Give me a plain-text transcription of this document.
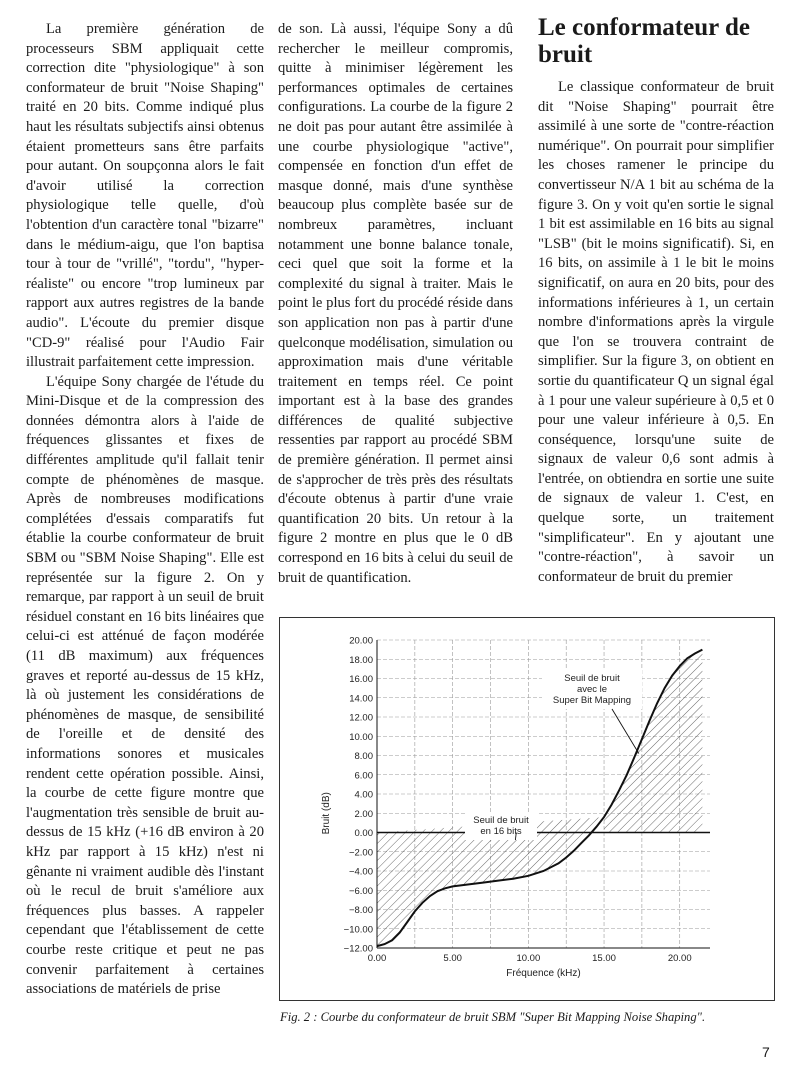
La première génération de processeurs SBM appliquait cette correction dite "physiologique" à son conformateur de bruit "Noise Shaping" traité en 20 bits. Comme indiqué plus haut les résultats subjectifs ainsi obtenus étaient prometteurs sans être parfaits pour autant. On soupçonna alors le fait d'avoir utilisé la correction physiologique telle quelle, d'où l'obtention d'un caractère tonal "bizarre" dans le médium-aigu, que l'on baptisa tour à tour de "vrillé", "tordu", "hyper-réaliste" ou encore "trop lumineux par rapport aux autres registres de la bande audio". L'écoute du premier disque "CD-9" réalisé pour l'Audio Fair illustrait parfaitement cette impression.

L'équipe Sony chargée de l'étude du Mini-Disque et de la compression des données démontra alors à l'aide de fréquences glissantes et fixes de différentes amplitude qu'il fallait tenir compte de phénomènes de masque. Après de nombreuses modifications complétées d'essais comparatifs fut établie la courbe conformateur de bruit SBM ou "SBM Noise Shaping". Elle est représentée sur la figure 2. On y remarque, par rapport à un seuil de bruit résiduel constant en 16 bits linéaires que celui-ci est atténué de façon modérée (11 dB maximum) aux fréquences graves et reporté au-dessus de 15 kHz, là où justement les considérations de phénomènes de masque, de sensibilité de l'oreille et de densité des informations sonores et musicales rendent cette opération possible. Ainsi, la courbe de cette figure montre que l'augmentation très sensible de bruit au-dessus de 15 kHz (+16 dB environ à 20 kHz par rapport à 15 kHz) n'est ni gênante ni vraiment audible dès l'instant où le recul de bruit s'améliore aux fréquences plus basses. A rappeler cependant que l'établissement de cette courbe reste critique et peut ne pas convenir parfaitement à certaines associations de matériels de prise

de son. Là aussi, l'équipe Sony a dû rechercher le meilleur compromis, quitte à minimiser légèrement les performances optimales de certaines configurations. La courbe de la figure 2 ne doit pas pour autant être assimilée à une courbe physiologique "active", compensée en fonction d'un effet de masque donné, mais d'une synthèse beaucoup plus complète basée sur de nombreux paramètres, incluant notamment une bonne balance tonale, ceci quel que soit la forme et la complexité du signal à traiter. Mais le point le plus fort du procédé réside dans son application non pas à partir d'une quelconque modélisation, simulation ou approximation mais d'une véritable traitement en temps réel. Ce point important est à la base des grandes différences de qualité subjective ressenties par rapport au procédé SBM de première génération. Il permet ainsi de s'approcher de très près des résultats d'écoute obtenus à partir d'une vraie quantification 20 bits. Un retour à la figure 2 montre en plus que le 0 dB correspond en 16 bits à celui du seuil de bruit de quantification.

Le conformateur de bruit

Le classique conformateur de bruit dit "Noise Shaping" pourrait être assimilé à une sorte de "contre-réaction numérique". On pourrait pour simplifier les choses ramener le principe du convertisseur N/A 1 bit au schéma de la figure 3. On y voit qu'en sortie le signal 1 bit est assimilable en 16 bits au signal "LSB" (bit le moins significatif). Si, en 16 bits, on assimile à 1 le bit le moins significatif, on aura en 20 bits, pour des informations inférieures à 1, un certain nombre d'informations après la virgule que l'on se trouvera contraint de simplifier. Sur la figure 3, on obtient en sortie du quantificateur Q un signal égal à 1 pour une valeur supérieure à 0,5 et 0 pour une valeur inférieure à 0,5. En conséquence, lorsqu'une suite de signaux de valeur 0,6 sont admis à l'entrée, on obtiendra en sortie une suite de signaux de valeur 1. C'est, en quelque sorte, un traitement "simplificateur". En y ajoutant une "contre-réaction", à savoir un conformateur de bruit du premier

20.00
18.00
16.00
14.00
12.00
10.00
8.00
6.00
4.00
2.00
0.00
−2.00
−4.00
−6.00
−8.00
−10.00
−12.00
0.00	5.00	10.00	15.00	20.00
Fréquence (kHz)
Bruit (dB)
Seuil de bruit
avec le
Super Bit Mapping
Seuil de bruit
en 16 bits
Fig. 2 : Courbe du conformateur de bruit SBM "Super Bit Mapping Noise Shaping".
7
